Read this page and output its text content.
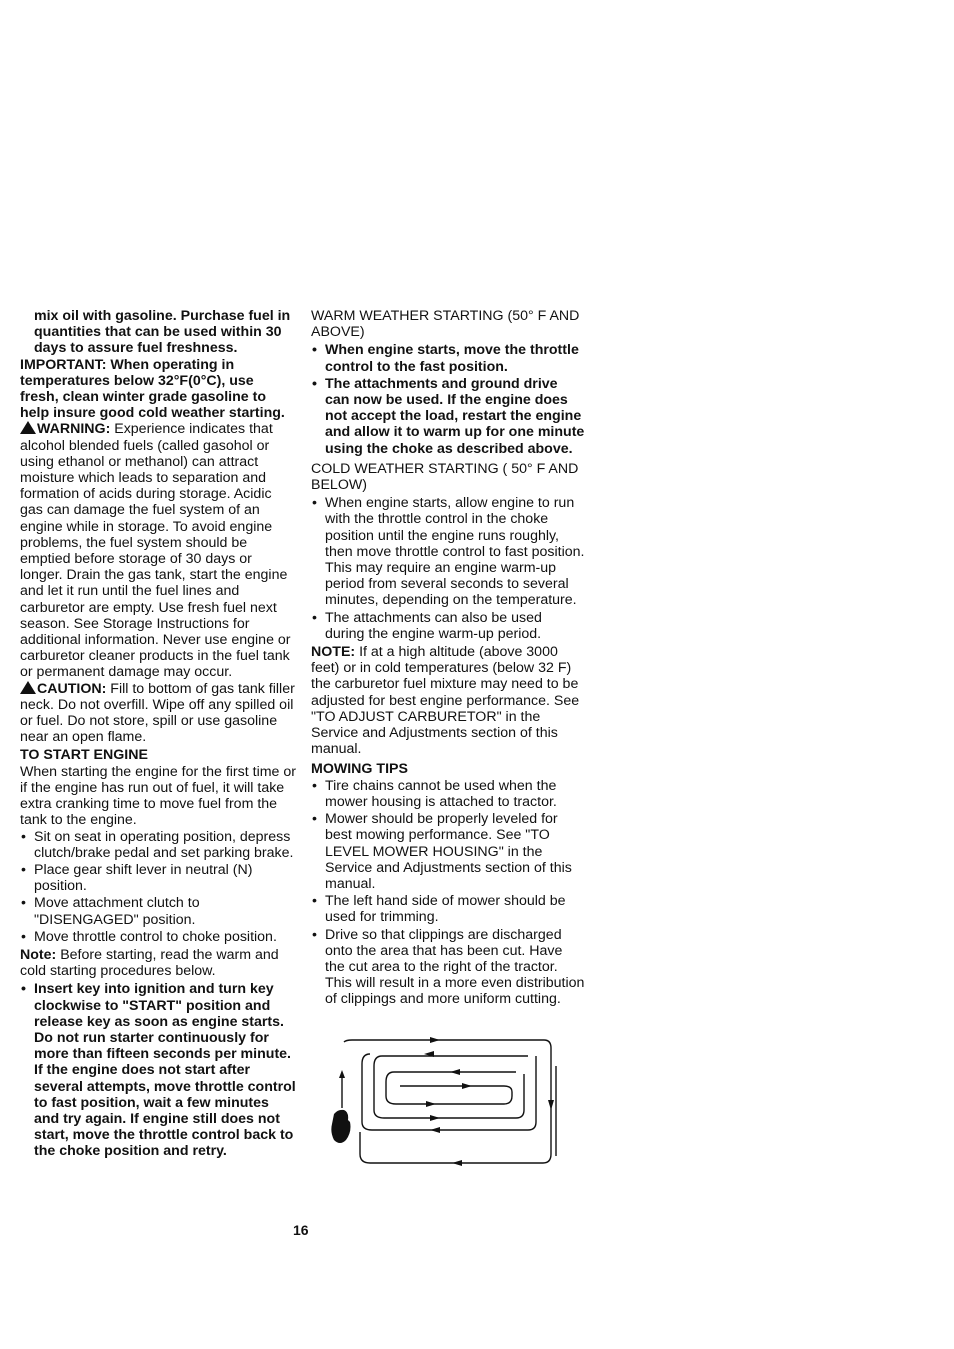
mix oil with gasoline. Purchase fuel in quantities that can be used within 30 days to assure fuel freshness.

IMPORTANT: When operating in temperatures below 32°F(0°C), use fresh, clean winter grade gasoline to help insure good cold weather starting.

WARNING: Experience indicates that alcohol blended fuels (called gasohol or using ethanol or methanol) can attract moisture which leads to separation and formation of acids during storage. Acidic gas can damage the fuel system of an engine while in storage. To avoid engine problems, the fuel system should be emptied before storage of 30 days or longer. Drain the gas tank, start the engine and let it run until the fuel lines and carburetor are empty. Use fresh fuel next season. See Storage Instructions for additional information. Never use engine or carburetor cleaner products in the fuel tank or permanent damage may occur.

CAUTION: Fill to bottom of gas tank filler neck. Do not overfill. Wipe off any spilled oil or fuel. Do not store, spill or use gasoline near an open flame.

TO START ENGINE

When starting the engine for the first time or if the engine has run out of fuel, it will take extra cranking time to move fuel from the tank to the engine.

• Sit on seat in operating position, depress clutch/brake pedal and set parking brake.
• Place gear shift lever in neutral (N) position.
• Move attachment clutch to "DISENGAGED" position.
• Move throttle control to choke position.

Note: Before starting, read the warm and cold starting procedures below.

• Insert key into ignition and turn key clockwise to "START" position and release key as soon as engine starts. Do not run starter continuously for more than fifteen seconds per minute. If the engine does not start after several attempts, move throttle control to fast position, wait a few minutes and try again. If engine still does not start, move the throttle control back to the choke position and retry.

WARM WEATHER STARTING (50° F AND ABOVE)

• When engine starts, move the throttle control to the fast position.
• The attachments and ground drive can now be used. If the engine does not accept the load, restart the engine and allow it to warm up for one minute using the choke as described above.

COLD WEATHER STARTING ( 50° F AND BELOW)

• When engine starts, allow engine to run with the throttle control in the choke position until the engine runs roughly, then move throttle control to fast position. This may require an engine warm-up period from several seconds to several minutes, depending on the temperature.
• The attachments can also be used during the engine warm-up period.

NOTE: If at a high altitude (above 3000 feet) or in cold temperatures (below 32 F) the carburetor fuel mixture may need to be adjusted for best engine performance. See "TO ADJUST CARBURETOR" in the Service and Adjustments section of this manual.

MOWING TIPS

• Tire chains cannot be used when the mower housing is attached to tractor.
• Mower should be properly leveled for best mowing performance. See "TO LEVEL MOWER HOUSING" in the Service and Adjustments section of this manual.
• The left hand side of mower should be used for trimming.
• Drive so that clippings are discharged onto the area that has been cut. Have the cut area to the right of the tractor. This will result in a more even distribution of clippings and more uniform cutting.
16
